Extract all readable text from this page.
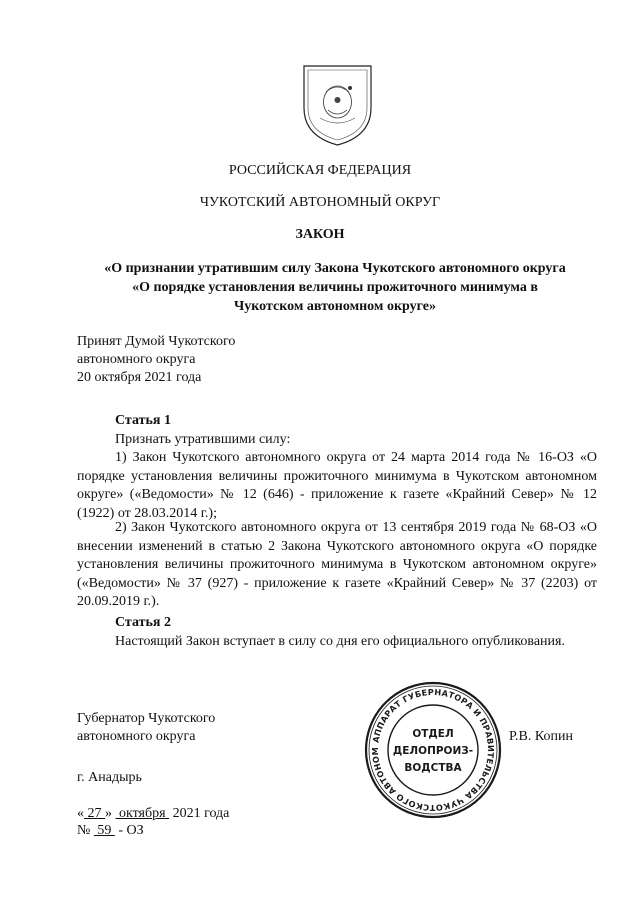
РОССИЙСКАЯ ФЕДЕРАЦИЯ
ЧУКОТСКИЙ АВТОНОМНЫЙ ОКРУГ
ЗАКОН
«О признании утратившим силу Закона Чукотского автономного округа
«О порядке установления величины прожиточного минимума в
Чукотском автономном округе»
Принят Думой Чукотского
автономного округа
20 октября 2021 года
Статья 1
Признать утратившими силу:
1) Закон Чукотского автономного округа от 24 марта 2014 года № 16-ОЗ «О порядке установления величины прожиточного минимума в Чукотском автономном округе» («Ведомости» № 12 (646) - приложение к газете «Крайний Север» № 12 (1922) от 28.03.2014 г.);
2) Закон Чукотского автономного округа от 13 сентября 2019 года № 68-ОЗ «О внесении изменений в статью 2 Закона Чукотского автономного округа «О порядке установления величины прожиточного минимума в Чукотском автономном округе» («Ведомости» № 37 (927) - приложение к газете «Крайний Север» № 37 (2203) от 20.09.2019 г.).
Статья 2
Настоящий Закон вступает в силу со дня его официального опубликования.
Губернатор Чукотского
автономного округа	АППАРАТ ГУБЕРНАТОРА И ПРАВИТЕЛЬСТВА ЧУКОТСКОГО АВТОНОМ
ОТДЕЛ
ДЕЛОПРОИЗ-
ВОДСТВА
Р.В. Копин
г. Анадырь
« 27 »  октября  2021 года
№  59  - ОЗ
